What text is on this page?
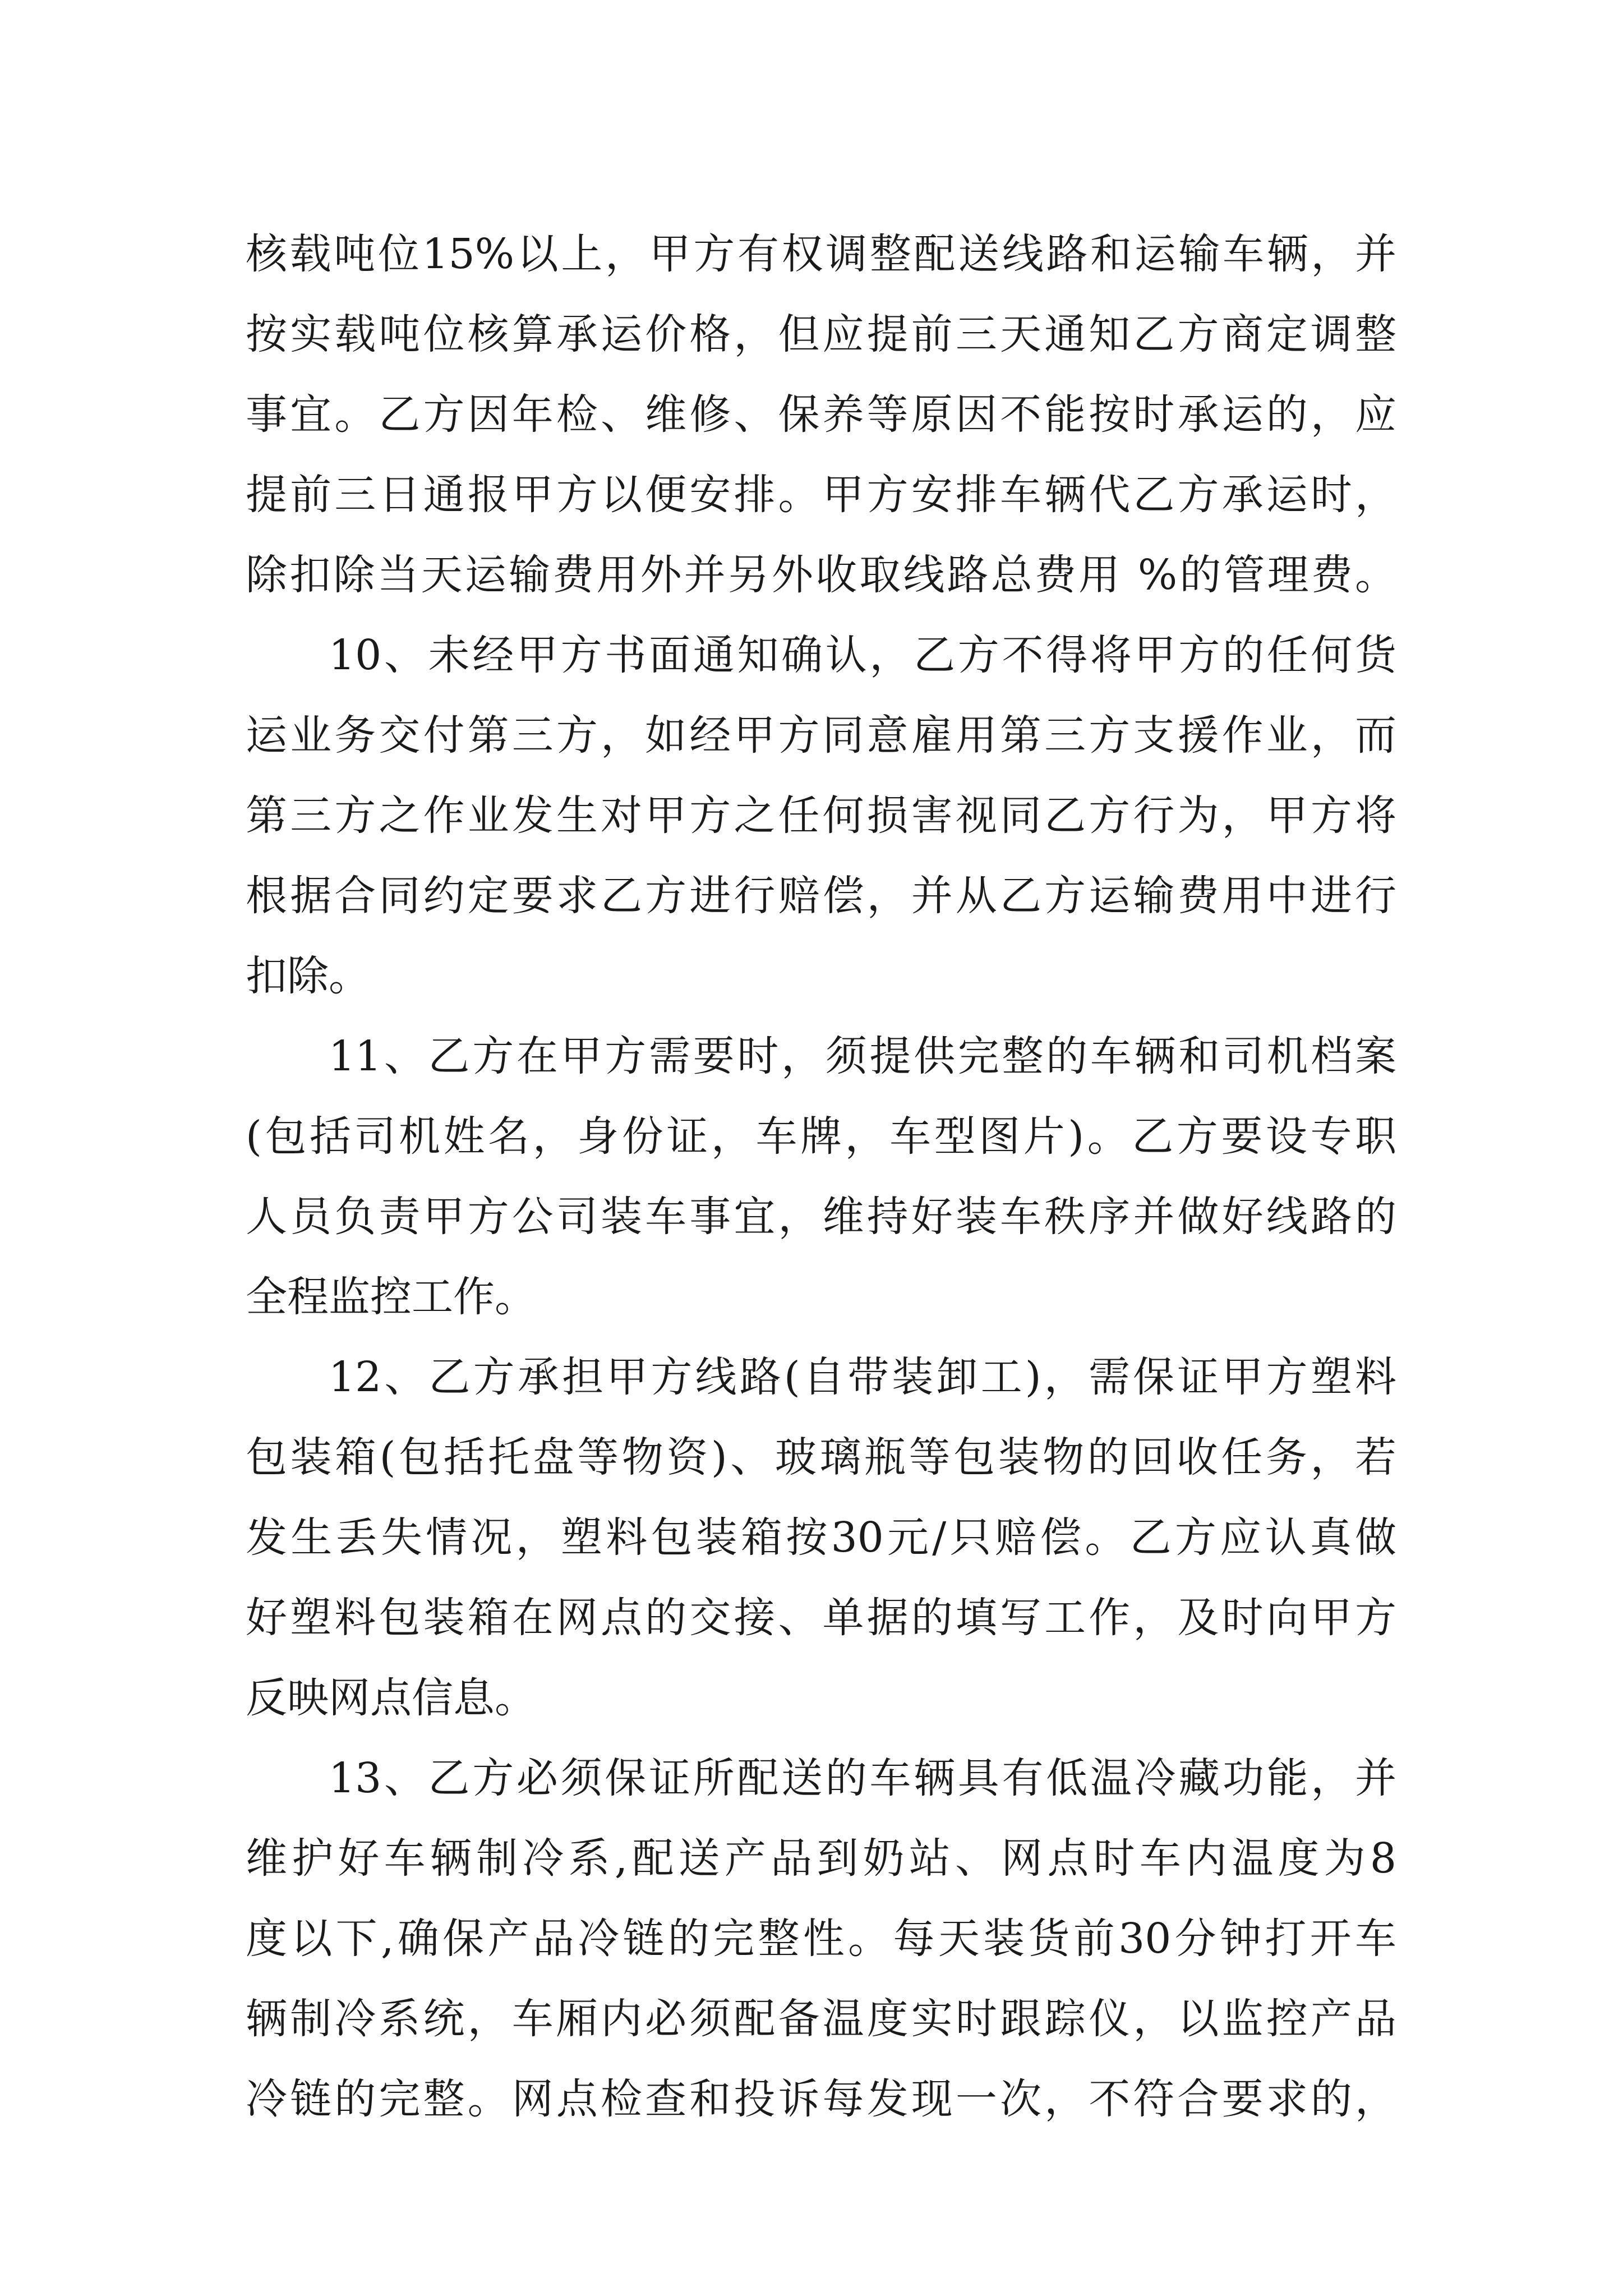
核载吨位15%以上，甲方有权调整配送线路和运输车辆，并
按实载吨位核算承运价格，但应提前三天通知乙方商定调整
事宜。乙方因年检、维修、保养等原因不能按时承运的，应
提前三日通报甲方以便安排。甲方安排车辆代乙方承运时，
除扣除当天运输费用外并另外收取线路总费用 %的管理费。
10、未经甲方书面通知确认，乙方不得将甲方的任何货
运业务交付第三方，如经甲方同意雇用第三方支援作业，而
第三方之作业发生对甲方之任何损害视同乙方行为，甲方将
根据合同约定要求乙方进行赔偿，并从乙方运输费用中进行
扣除。
11、乙方在甲方需要时，须提供完整的车辆和司机档案
(包括司机姓名，身份证，车牌，车型图片)。乙方要设专职
人员负责甲方公司装车事宜，维持好装车秩序并做好线路的
全程监控工作。
12、乙方承担甲方线路(自带装卸工)，需保证甲方塑料
包装箱(包括托盘等物资)、玻璃瓶等包装物的回收任务，若
发生丢失情况，塑料包装箱按30元/只赔偿。乙方应认真做
好塑料包装箱在网点的交接、单据的填写工作，及时向甲方
反映网点信息。
13、乙方必须保证所配送的车辆具有低温冷藏功能，并
维护好车辆制冷系,配送产品到奶站、网点时车内温度为8
度以下,确保产品冷链的完整性。每天装货前30分钟打开车
辆制冷系统，车厢内必须配备温度实时跟踪仪，以监控产品
冷链的完整。网点检查和投诉每发现一次，不符合要求的，
